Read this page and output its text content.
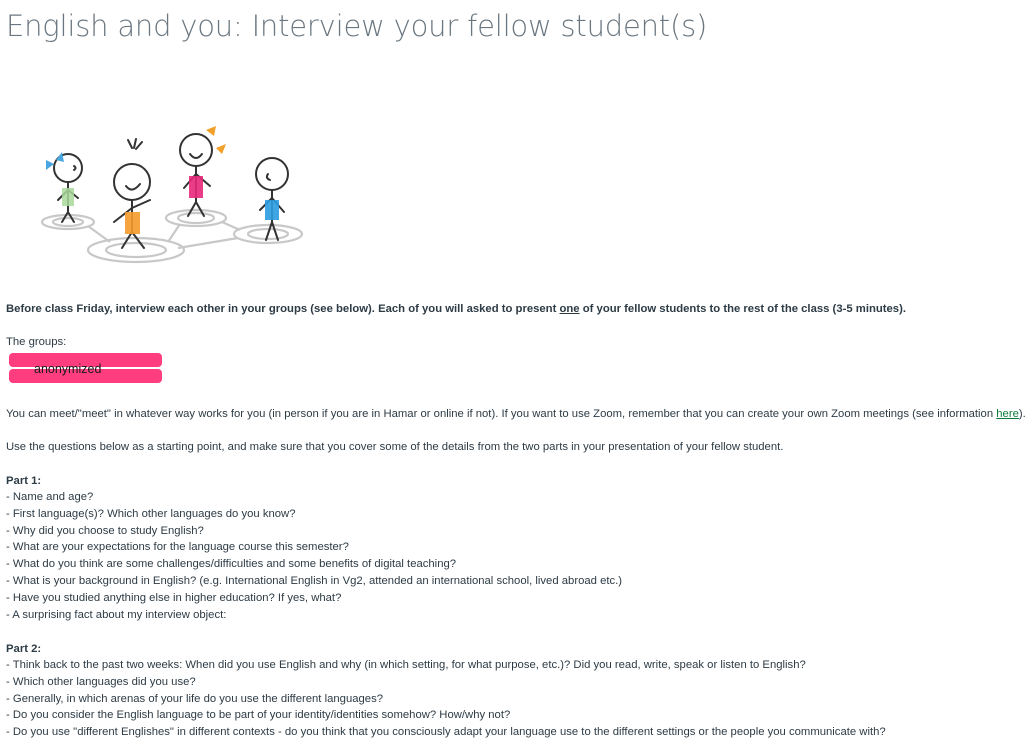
English and you: Interview your fellow student(s)
Before class Friday, interview each other in your groups (see below). Each of you will asked to present one of your fellow students to the rest of the class (3-5 minutes).
The groups:
anonymized
You can meet/"meet" in whatever way works for you (in person if you are in Hamar or online if not). If you want to use Zoom, remember that you can create your own Zoom meetings (see information here).
Use the questions below as a starting point, and make sure that you cover some of the details from the two parts in your presentation of your fellow student.
Part 1:
- Name and age?
- First language(s)? Which other languages do you know?
- Why did you choose to study English?
- What are your expectations for the language course this semester?
- What do you think are some challenges/difficulties and some benefits of digital teaching?
- What is your background in English? (e.g. International English in Vg2, attended an international school, lived abroad etc.)
- Have you studied anything else in higher education? If yes, what?
- A surprising fact about my interview object:
Part 2:
- Think back to the past two weeks: When did you use English and why (in which setting, for what purpose, etc.)? Did you read, write, speak or listen to English?
- Which other languages did you use?
- Generally, in which arenas of your life do you use the different languages?
- Do you consider the English language to be part of your identity/identities somehow? How/why not?
- Do you use "different Englishes" in different contexts - do you think that you consciously adapt your language use to the different settings or the people you communicate with?
